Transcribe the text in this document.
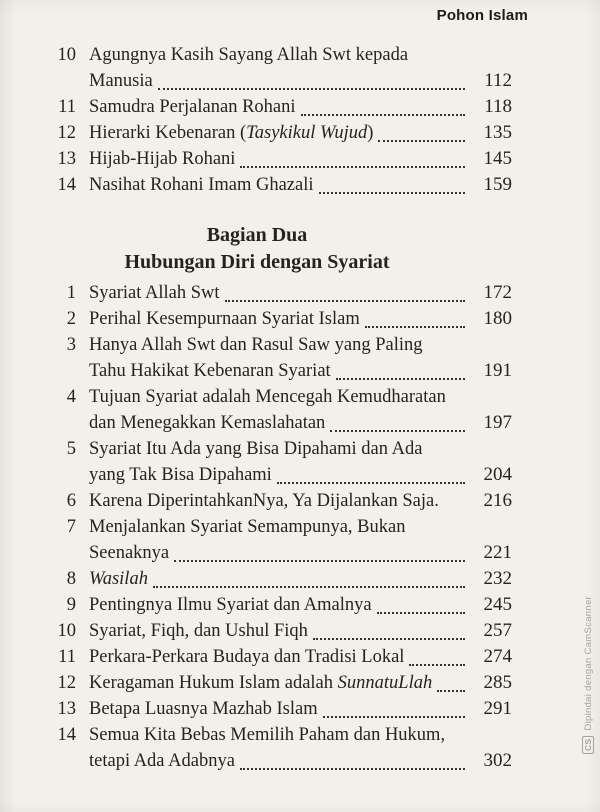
Pohon Islam
10 Agungnya Kasih Sayang Allah Swt kepada
Manusia	112
11 Samudra Perjalanan Rohani	118
12 Hierarki Kebenaran (Tasykikul Wujud)	135
13 Hijab-Hijab Rohani	145
14 Nasihat Rohani Imam Ghazali	159
Bagian Dua
Hubungan Diri dengan Syariat
1 Syariat Allah Swt	172
2 Perihal Kesempurnaan Syariat Islam	180
3 Hanya Allah Swt dan Rasul Saw yang Paling
Tahu Hakikat Kebenaran Syariat	191
4 Tujuan Syariat adalah Mencegah Kemudharatan
dan Menegakkan Kemaslahatan	197
5 Syariat Itu Ada yang Bisa Dipahami dan Ada
yang Tak Bisa Dipahami	204
6 Karena DiperintahkanNya, Ya Dijalankan Saja.	216
7 Menjalankan Syariat Semampunya, Bukan
Seenaknya	221
8 Wasilah	232
9 Pentingnya Ilmu Syariat dan Amalnya	245
10 Syariat, Fiqh, dan Ushul Fiqh	257
11 Perkara-Perkara Budaya dan Tradisi Lokal	274
12 Keragaman Hukum Islam adalah SunnatuLlah	285
13 Betapa Luasnya Mazhab Islam	291
14 Semua Kita Bebas Memilih Paham dan Hukum,
tetapi Ada Adabnya	302
CSDipindai dengan CamScanner
